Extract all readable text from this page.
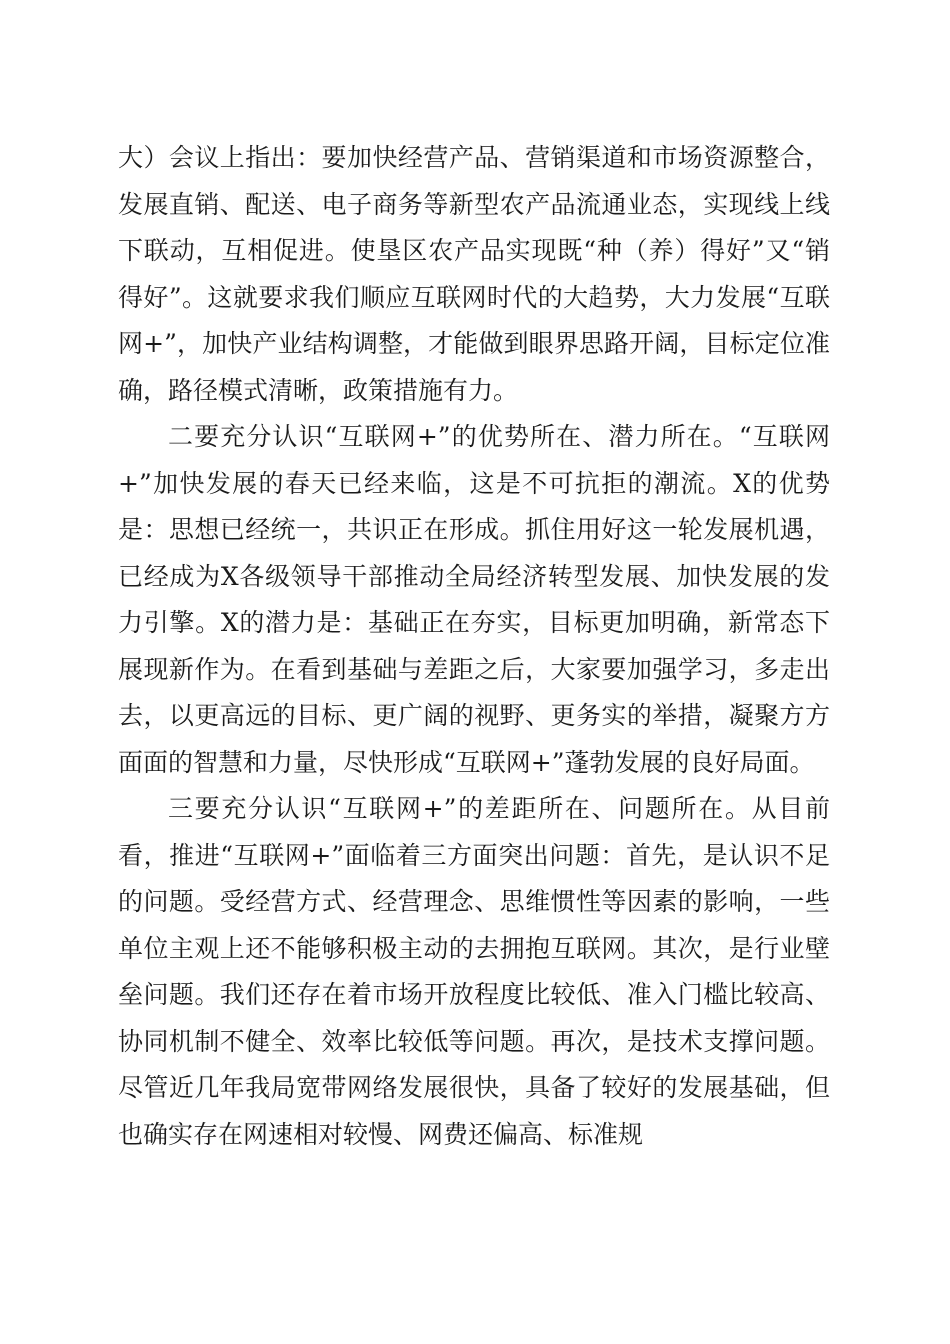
大）会议上指出：要加快经营产品、营销渠道和市场资源整合，发展直销、配送、电子商务等新型农产品流通业态，实现线上线下联动，互相促进。使垦区农产品实现既“种（养）得好”又“销得好”。这就要求我们顺应互联网时代的大趋势，大力发展“互联网+”，加快产业结构调整，才能做到眼界思路开阔，目标定位准确，路径模式清晰，政策措施有力。

二要充分认识“互联网+”的优势所在、潜力所在。“互联网+”加快发展的春天已经来临，这是不可抗拒的潮流。X的优势是：思想已经统一，共识正在形成。抓住用好这一轮发展机遇，已经成为X各级领导干部推动全局经济转型发展、加快发展的发力引擎。X的潜力是：基础正在夯实，目标更加明确，新常态下展现新作为。在看到基础与差距之后，大家要加强学习，多走出去，以更高远的目标、更广阔的视野、更务实的举措，凝聚方方面面的智慧和力量，尽快形成“互联网+”蓬勃发展的良好局面。

三要充分认识“互联网+”的差距所在、问题所在。从目前看，推进“互联网+”面临着三方面突出问题：首先，是认识不足的问题。受经营方式、经营理念、思维惯性等因素的影响，一些单位主观上还不能够积极主动的去拥抱互联网。其次，是行业壁垒问题。我们还存在着市场开放程度比较低、准入门槛比较高、协同机制不健全、效率比较低等问题。再次，是技术支撑问题。尽管近几年我局宽带网络发展很快，具备了较好的发展基础，但也确实存在网速相对较慢、网费还偏高、标准规
